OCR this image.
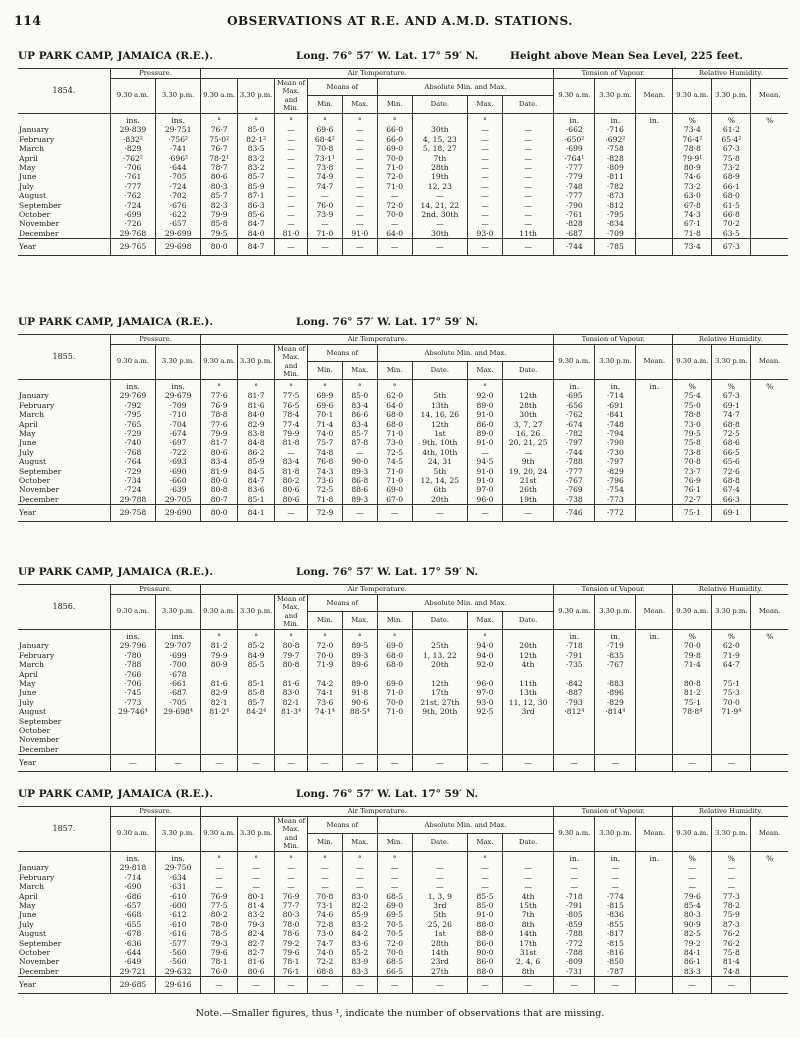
114	OBSERVATIONS AT R.E. AND A.M.D. STATIONS.
UP PARK CAMP, JAMAICA (R.E.).	Long. 76° 57′ W. Lat. 17° 59′ N.	Height above Mean Sea Level, 225 feet.
1854.	Pressure.		Air Temperature.									Tension of Vapour.			Relative Humidity.		
	9.30 a.m.	3.30 p.m.	9.30 a.m.	3.30 p.m.	Mean of Max. and Min.	Means of		Absolute Min. and Max.				9.30 a.m.	3.30 p.m.	Mean.	9.30 a.m.	3.30 p.m.	Mean.
						Min.	Max.	Min.	Date.	Max.	Date.						
	ins.	ins.	°	°	°	°	°	°		°		in.	in.	in.	%	%	%
January	29·839	29·751	76·7	85·0	—	69·6	—	66·0	30th	—	—	·662	·716		73·4	61·2	
February	·832²	·756²	75·0²	82·1²	—	68·4²	—	66·0	4, 15, 23	—	—	·650²	·692²		76·4²	65·4²	
March	·829	·741	76·7	83·5	—	70·8	—	69·0	5, 18, 27	—	—	·699	·758		78·8	67·3	
April	·762²	·696²	78·2¹	83·2	—	73·1¹	—	70·0	7th	—	—	·764¹	·828		79·9¹	75·8	
May	·706	·644	78·7	83·2	—	73·8	—	71·0	28th	—	—	·777	·809		80·9	73·2	
June	·761	·705	80·6	85·7	—	74·9	—	72·0	19th	—	—	·779	·811		74·6	68·9	
July	·777	·724	80·3	85·9	—	74·7	—	71·0	12, 23	—	—	·748	·782		73·2	66·1	
August	·762	·702	85·7	87·1	—	—	—	—	—	—	—	·777	·873		63·0	68·0	
September	·724	·676	82·3	86·3	—	76·0	—	72·0	14, 21, 22	—	—	·790	·812		67·8	61·5	
October	·699	·622	79·9	85·6	—	73·9	—	70·0	2nd, 30th	—	—	·761	·795		74·3	66·8	
November	·726	·657	85·8	84·7	—	—	—	—	—	—	—	·828	·834		67·1	70·2	
December	29·768	29·699	79·5	84·0	81·0	71·0	91·0	64·0	30th	93·0	11th	·687	·709		71·8	63·5	
Year	29·765	29·698	80·0	84·7	—	—	—	—	—	—	—	·744	·785		73·4	67·3	
UP PARK CAMP, JAMAICA (R.E.).	Long. 76° 57′ W. Lat. 17° 59′ N.
1855.	Pressure.		Air Temperature.									Tension of Vapour.			Relative Humidity.		
	9.30 a.m.	3.30 p.m.	9.30 a.m.	3.30 p.m.	Mean of Max. and Min.	Means of		Absolute Min. and Max.				9.30 a.m.	3.30 p.m.	Mean.	9.30 a.m.	3.30 p.m.	Mean.
						Min.	Max.	Min.	Date.	Max.	Date.						
	ins.	ins.	°	°	°	°	°	°		°		in.	in.	in.	%	%	%
January	29·769	29·679	77·6	81·7	77·5	69·9	85·0	62·0	5th	92·0	12th	·695	·714		75·4	67·3	
February	·792	·709	76·9	81·6	76·5	69·6	83·4	64·0	13th	89·0	28th	·656	·691		75·0	69·1	
March	·795	·710	78·8	84·0	78·4	70·1	86·6	68·0	14, 16, 26	91·0	30th	·762	·841		78·8	74·7	
April	·765	·704	77·6	82·9	77·4	71·4	83·4	68·0	12th	86·0	3, 7, 27	·674	·748		73·0	68·8	
May	·729	·674	79·9	83·8	79·9	74·0	85·7	71·0	1st	89·0	16, 26	·782	·794		79·5	72·5	
June	·740	·697	81·7	84·8	81·8	75·7	87·8	73·0	9th, 10th	91·0	20, 21, 25	·797	·790		75·8	68·6	
July	·768	·722	80·6	86·2	—	74·8	—	72·5	4th, 10th	—	—	·744	·730		73·8	66·5	
August	·764	·693	83·4	85·9	83·4	76·8	90·0	74·5	24, 31	94·5	9th	·788	·797		70·8	65·6	
September	·729	·690	81·9	84·5	81·8	74·3	89·3	71·0	5th	91·0	19, 20, 24	·777	·829		73·7	72·6	
October	·734	·660	80·0	84·7	80·2	73·6	86·8	71·0	12, 14, 25	91·0	21st	·767	·796		76·9	68·8	
November	·724	·639	80·8	83·6	80·6	72·5	88·6	69·0	6th	97·0	26th	·769	·754		76·1	67·4	
December	29·788	29·705	80·7	85·1	80·6	71·8	89·3	67·0	20th	96·0	19th	·738	·773		72·7	66·3	
Year	29·758	29·690	80·0	84·1	—	72·9	—	—	—	—	—	·746	·772		75·1	69·1	
UP PARK CAMP, JAMAICA (R.E.).	Long. 76° 57′ W. Lat. 17° 59′ N.
1856.	Pressure.		Air Temperature.									Tension of Vapour.			Relative Humidity.		
	9.30 a.m.	3.30 p.m.	9.30 a.m.	3.30 p.m.	Mean of Max. and Min.	Means of		Absolute Min. and Max.				9.30 a.m.	3.30 p.m.	Mean.	9.30 a.m.	3.30 p.m.	Mean.
						Min.	Max.	Min.	Date.	Max.	Date.						
	ins.	ins.	°	°	°	°	°	°		°		in.	in.	in.	%	%	%
January	29·796	29·707	81·2	85·2	80·8	72·0	89·5	69·0	25th	94·0	20th	·718	·719		70·0	62·0	
February	·780	·699	79·9	84·9	79·7	70·0	89·3	68·0	1, 13, 22	94·0	12th	·791	·835		79·8	71·9	
March	·788	·700	80·9	85·5	80·8	71·9	89·6	68·0	20th	92·0	4th	·735	·767		71·4	64·7	
April	·766	·678															
May	·706	·661	81·6	85·1	81·6	74·2	89·0	69·0	12th	96·0	11th	·842	·883		80·8	75·1	
June	·745	·687	82·9	85·8	83·0	74·1	91·8	71·0	17th	97·0	13th	·887	·896		81·2	75·3	
July	·773	·705	82·1	85·7	82·1	73·6	90·6	70·0	21st, 27th	93·0	11, 12, 30	·793	·829		75·1	70·0	
August	29·746⁴	29·698⁴	81·2⁴	84·2⁴	81·3⁴	74·1⁴	88·5⁴	71·0	9th, 20th	92·5	3rd	·812⁴	·814⁴		78·8⁴	71·9⁴	
September																	
October																	
November																	
December																	
Year	—	—	—	—	—	—	—	—	—	—	—	—	—		—	—	
UP PARK CAMP, JAMAICA (R.E.).	Long. 76° 57′ W. Lat. 17° 59′ N.
1857.	Pressure.		Air Temperature.									Tension of Vapour.			Relative Humidity.		
	9.30 a.m.	3.30 p.m.	9.30 a.m.	3.30 p.m.	Mean of Max. and Min.	Means of		Absolute Min. and Max.				9.30 a.m.	3.30 p.m.	Mean.	9.30 a.m.	3.30 p.m.	Mean.
						Min.	Max.	Min.	Date.	Max.	Date.						
	ins.	ins.	°	°	°	°	°	°		°		in.	in.	in.	%	%	%
January	29·818	29·750	—	—	—	—	—	—	—	—	—	—	—		—	—	
February	·714	·634	—	—	—	—	—	—	—	—	—	—	—		—	—	
March	·690	·631	—	—	—	—	—	—	—	—	—	—	—		—	—	
April	·686	·610	76·9	80·1	76·9	70·8	83·0	68·5	1, 3, 9	85·5	4th	·718	·774		79·6	77·3	
May	·657	·600	77·5	81·4	77·7	73·1	82·2	69·0	3rd	85·0	15th	·791	·815		85·4	78·2	
June	·668	·612	80·2	83·2	80·3	74·6	85·9	69·5	5th	91·0	7th	·805	·836		80·3	75·9	
July	·655	·610	78·0	79·3	78·0	72·8	83·2	70·5	25, 26	88·0	8th	·859	·855		90·9	87·3	
August	·678	·616	78·5	82·4	78·6	73·0	84·2	70·5	1st	88·0	14th	·788	·817		82·5	76·2	
September	·636	·577	79·3	82·7	79·2	74·7	83·6	72·0	28th	86·0	17th	·772	·815		79·2	76·2	
October	·644	·560	79·6	82·7	79·6	74·0	85·2	70·0	14th	90·0	31st	·788	·816		84·1	75·8	
November	·649	·560	78·1	81·6	78·1	72·2	83·9	68·5	23rd	86·0	2, 4, 6	·809	·850		86·1	81·4	
December	29·721	29·632	76·0	80·6	76·1	68·8	83·3	66·5	27th	88·0	8th	·731	·787		83·3	74·8	
Year	29·685	29·616	—	—	—	—	—	—	—	—	—	—	—		—	—	
Note.—Smaller figures, thus ¹, indicate the number of observations that are missing.
